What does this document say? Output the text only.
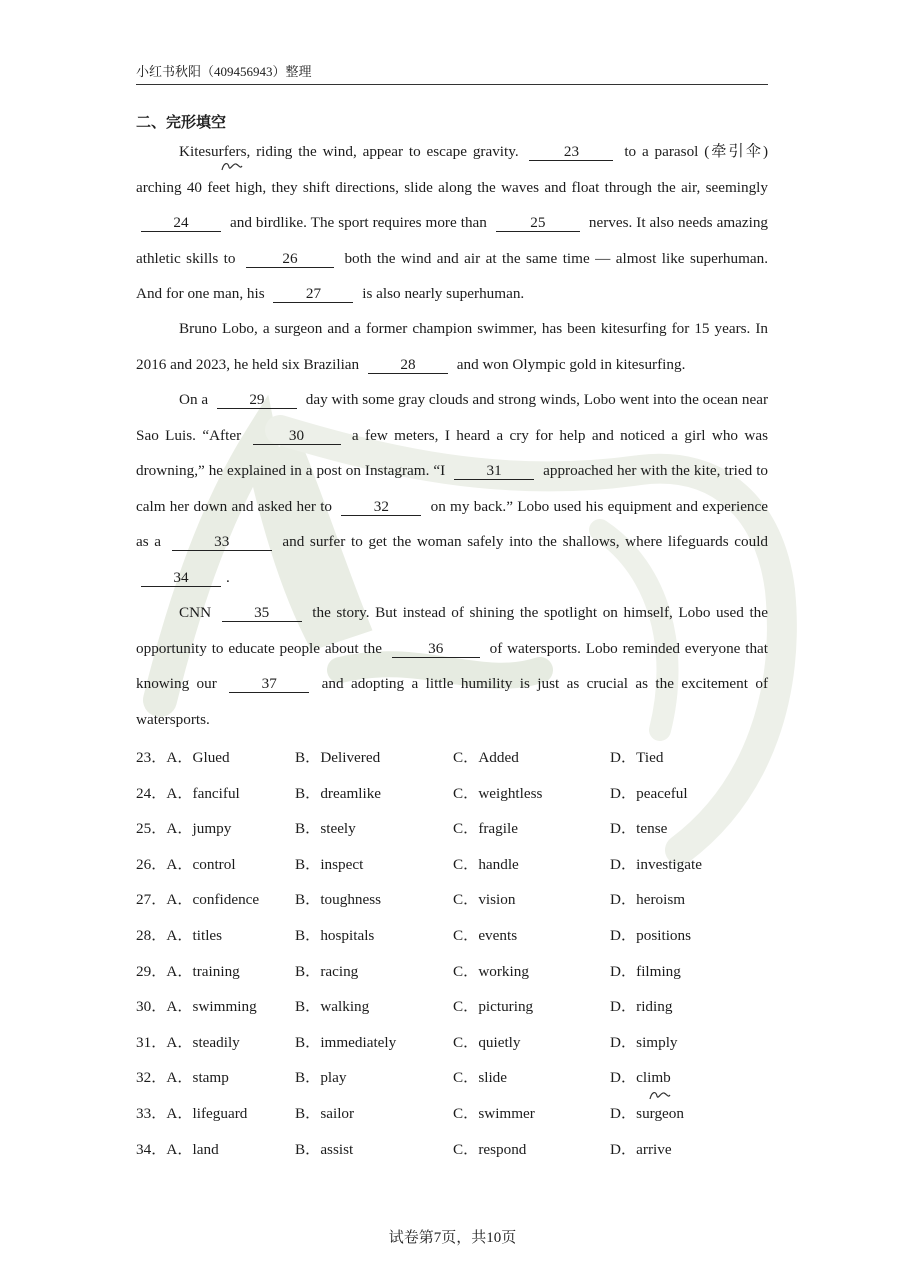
小红书秋阳（409456943）整理
二、完形填空

Kitesurfers, riding the wind, appear to escape gravity.	23	to a parasol (牵引伞) arching 40 feet high, they shift directions, slide along the waves and float through the air, seemingly 24	and birdlike. The sport requires more than	25	nerves. It also needs amazing athletic skills to	26	both the wind and air at the same time — almost like superhuman. And for one man, his	27	is also nearly superhuman.

Bruno Lobo, a surgeon and a former champion swimmer, has been kitesurfing for 15 years. In 2016 and 2023, he held six Brazilian	28	and won Olympic gold in kitesurfing.

On a	29	day with some gray clouds and strong winds, Lobo went into the ocean near Sao Luis. “After	30	a few meters, I heard a cry for help and noticed a girl who was drowning,” he explained in a post on Instagram. “I	31	approached her with the kite, tried to calm her down and asked her to	32	on my back.” Lobo used his equipment and experience as a	33	and surfer to get the woman safely into the shallows, where lifeguards could 34 .

CNN	35	the story. But instead of shining the spotlight on himself, Lobo used the opportunity to educate people about the	36	of watersports. Lobo reminded everyone that knowing our	37	and adopting a little humility is just as crucial as the excitement of watersports.

23．A．Glued	B．Delivered	C．Added	D．Tied
24．A．fanciful	B．dreamlike	C．weightless	D．peaceful
25．A．jumpy	B．steely	C．fragile	D．tense
26．A．control	B．inspect	C．handle	D．investigate
27．A．confidence B．toughness	C．vision	D．heroism
28．A．titles	B．hospitals	C．events	D．positions
29．A．training	B．racing	C．working	D．filming
30．A．swimming	B．walking	C．picturing	D．riding
31．A．steadily	B．immediately	C．quietly	D．simply
32．A．stamp	B．play	C．slide	D．climb
33．A．lifeguard	B．sailor	C．swimmer	D．surgeon
34．A．land	B．assist	C．respond	D．arrive
试卷第7页，共10页
